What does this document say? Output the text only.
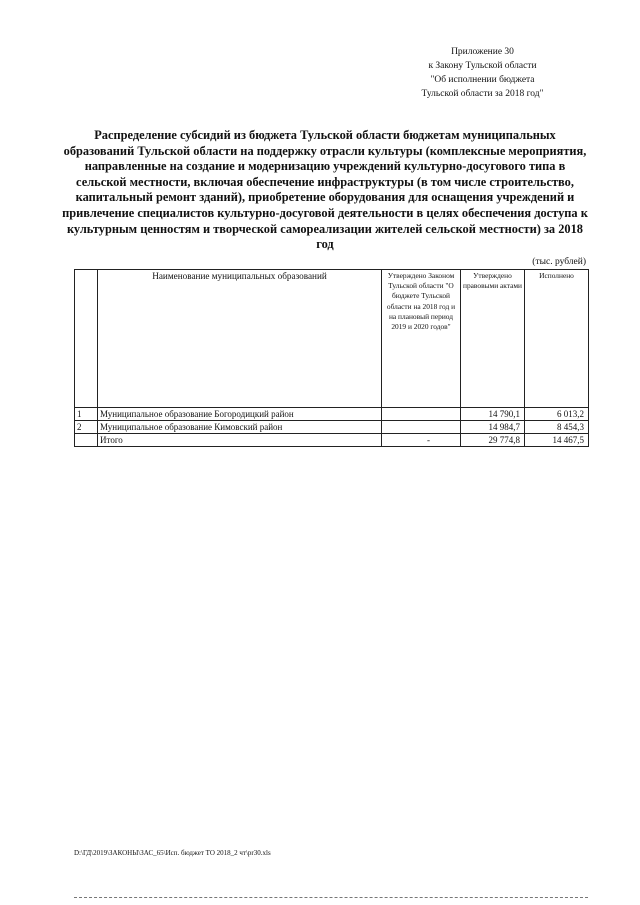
Приложение 30
к Закону Тульской области
"Об исполнении бюджета
Тульской области за 2018 год"
Распределение субсидий из бюджета Тульской области бюджетам муниципальных образований Тульской области на поддержку отрасли культуры (комплексные мероприятия, направленные на создание и модернизацию учреждений культурно-досугового типа в сельской местности, включая обеспечение инфраструктуры (в том числе строительство, капитальный ремонт зданий), приобретение оборудования для оснащения учреждений и привлечение специалистов культурно-досуговой деятельности в целях обеспечения доступа к культурным ценностям и творческой самореализации жителей сельской местности) за 2018 год
(тыс. рублей)
	Наименование муниципальных образований	Утверждено Законом Тульской области "О бюджете Тульской области на 2018 год и на плановый период 2019 и 2020 годов"	Утверждено правовыми актами	Исполнено
1	Муниципальное образование Богородицкий район		14 790,1	6 013,2
2	Муниципальное образование Кимовский район		14 984,7	8 454,3
	Итого	-	29 774,8	14 467,5
D:\ГД\2019\ЗАКОНЫ\ЗАС_65\Исп. бюджет ТО 2018_2 чт\pr30.xls
